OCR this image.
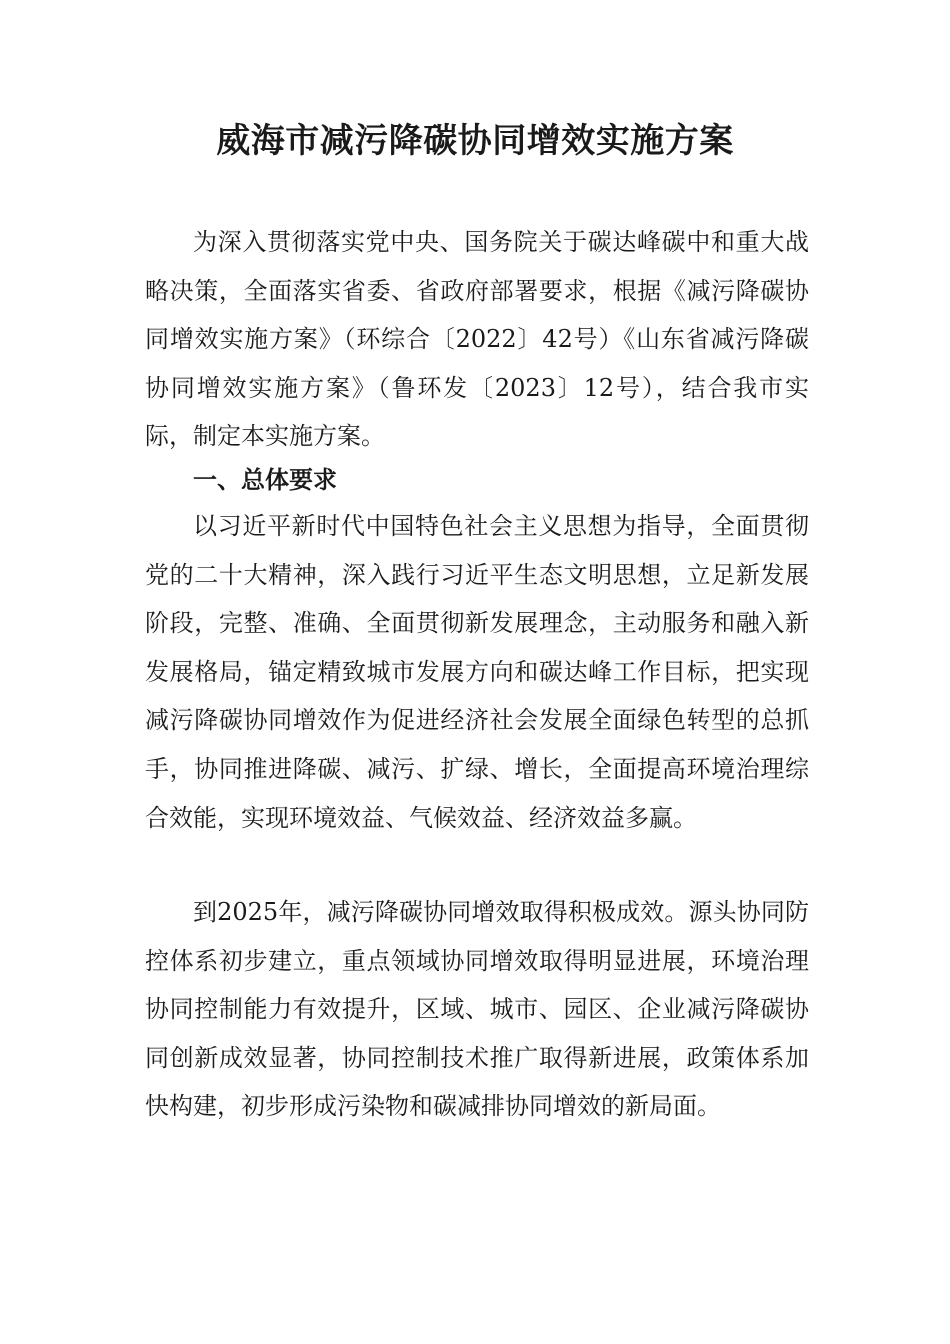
威海市减污降碳协同增效实施方案

为深入贯彻落实党中央、国务院关于碳达峰碳中和重大战略决策，全面落实省委、省政府部署要求，根据《减污降碳协同增效实施方案》（环综合〔2022〕42号）《山东省减污降碳协同增效实施方案》（鲁环发〔2023〕12号），结合我市实际，制定本实施方案。

一、总体要求

以习近平新时代中国特色社会主义思想为指导，全面贯彻党的二十大精神，深入践行习近平生态文明思想，立足新发展阶段，完整、准确、全面贯彻新发展理念，主动服务和融入新发展格局，锚定精致城市发展方向和碳达峰工作目标，把实现减污降碳协同增效作为促进经济社会发展全面绿色转型的总抓手，协同推进降碳、减污、扩绿、增长，全面提高环境治理综合效能，实现环境效益、气候效益、经济效益多赢。

到2025年，减污降碳协同增效取得积极成效。源头协同防控体系初步建立，重点领域协同增效取得明显进展，环境治理协同控制能力有效提升，区域、城市、园区、企业减污降碳协同创新成效显著，协同控制技术推广取得新进展，政策体系加快构建，初步形成污染物和碳减排协同增效的新局面。
